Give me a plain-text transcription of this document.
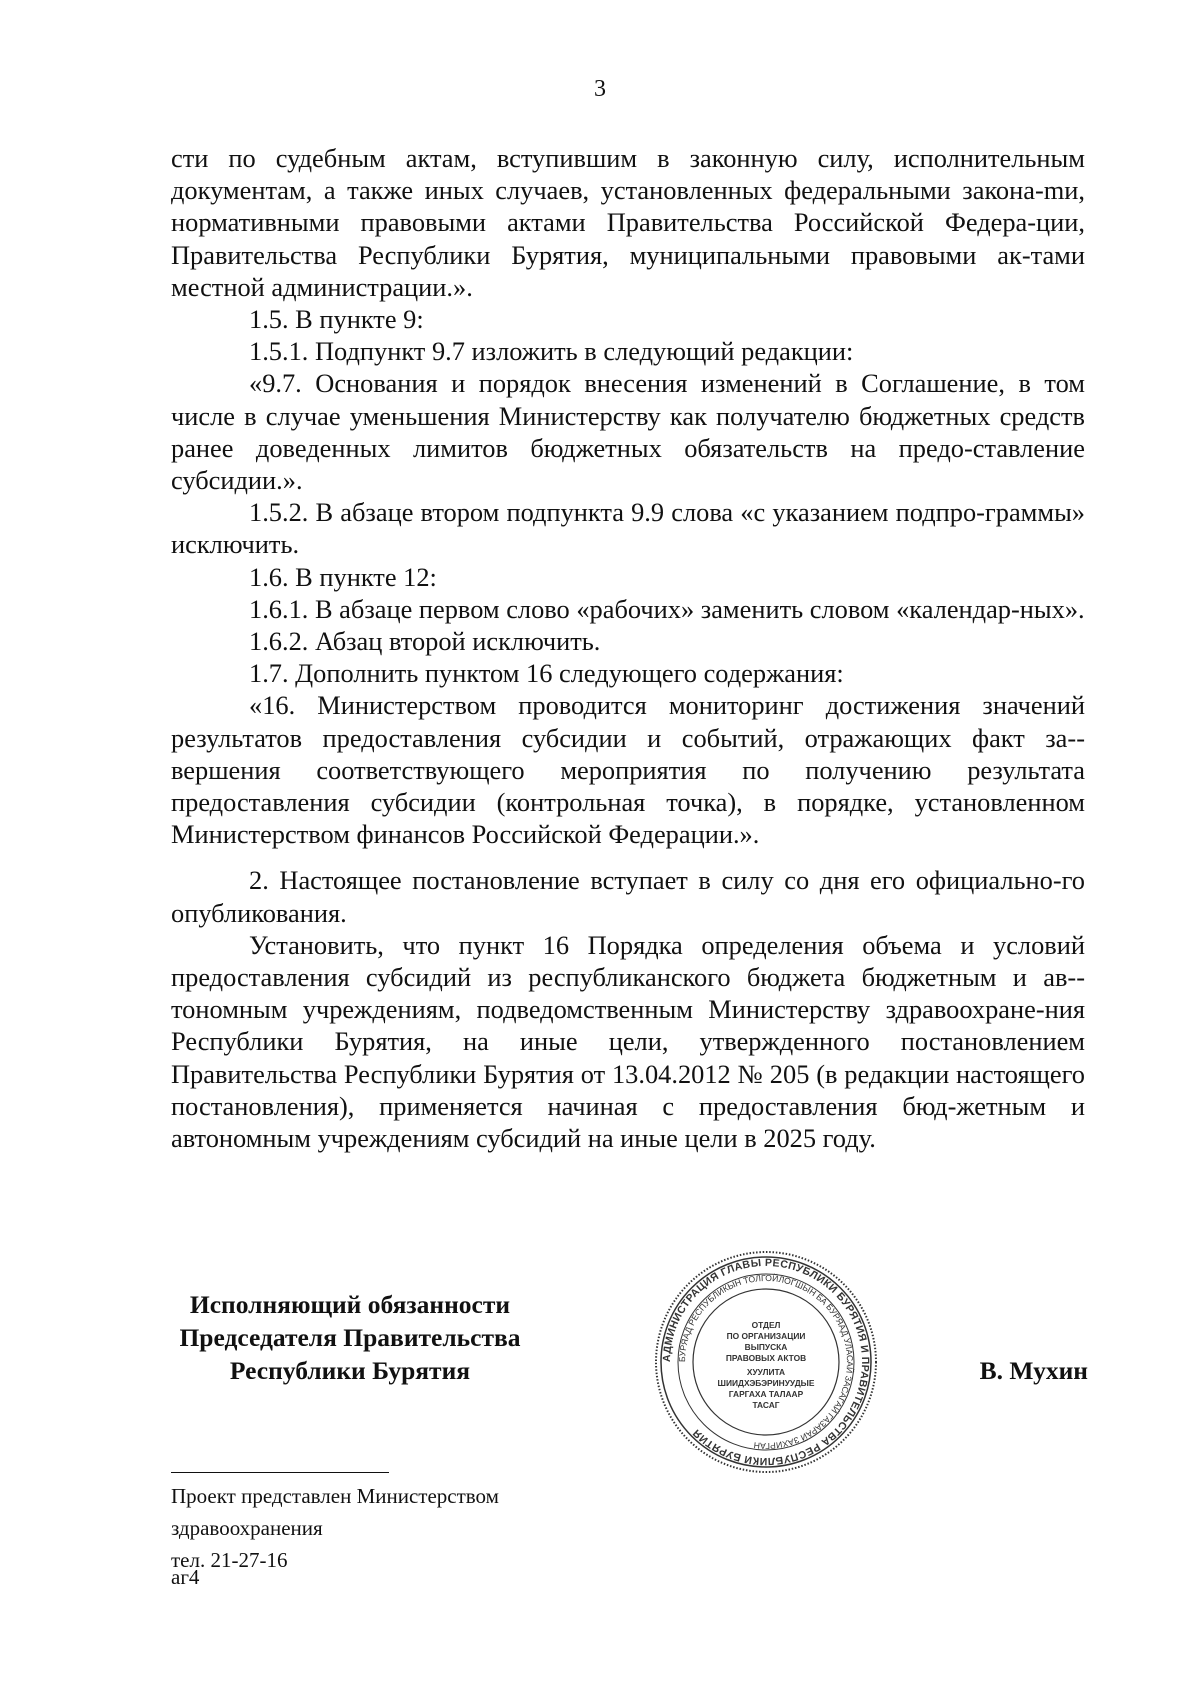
3

сти по судебным актам, вступившим в законную силу, исполнительным документам, а также иных случаев, установленных федеральными закона-mи, нормативными правовыми актами Правительства Российской Федера-ции, Правительства Республики Бурятия, муниципальными правовыми ак-тами местной администрации.».

1.5. В пункте 9:

1.5.1. Подпункт 9.7 изложить в следующий редакции:

«9.7. Основания и порядок внесения изменений в Соглашение, в том числе в случае уменьшения Министерству как получателю бюджетных средств ранее доведенных лимитов бюджетных обязательств на предо-ставление субсидии.».

1.5.2. В абзаце втором подпункта 9.9 слова «с указанием подпро-граммы» исключить.

1.6. В пункте 12:

1.6.1. В абзаце первом слово «рабочих» заменить словом «календар-ных».

1.6.2. Абзац второй исключить.

1.7. Дополнить пунктом 16 следующего содержания:

«16. Министерством проводится мониторинг достижения значений результатов предоставления субсидии и событий, отражающих факт за-вершения соответствующего мероприятия по получению результата предоставления субсидии (контрольная точка), в порядке, установленном Министерством финансов Российской Федерации.».

2. Настоящее постановление вступает в силу со дня его официально-го опубликования.

Установить, что пункт 16 Порядка определения объема и условий предоставления субсидий из республиканского бюджета бюджетным и ав-тономным учреждениям, подведомственным Министерству здравоохране-ния Республики Бурятия, на иные цели, утвержденного постановлением Правительства Республики Бурятия от 13.04.2012 № 205 (в редакции настоящего постановления), применяется начиная с предоставления бюд-жетным и автономным учреждениям субсидий на иные цели в 2025 году.

Исполняющий обязанности
Председателя Правительства
Республики Бурятия	АДМИНИСТРАЦИЯ ГЛАВЫ РЕСПУБЛИКИ БУРЯТИЯ И ПРАВИТЕЛЬСТВА РЕСПУБЛИКИ БУРЯТИЯ
БУРЯАД РЕСПУБЛИКЫН ТОЛГОЙЛОГШЫН БА БУРЯАД УЛАСАЙ ЗАСАГАЙ ГАЗАРАЙ ЗАХИРГАН
ОТДЕЛ
ПО ОРГАНИЗАЦИИ
ВЫПУСКА
ПРАВОВЫХ АКТОВ
ХУУЛИТА
ШИИДХЭБЭРИНУУДЫЕ
ГАРГАХА ТАЛААР
ТАСАГ
В. Мухин
Проект представлен Министерством
здравоохранения
тел. 21-27-16
аг4
